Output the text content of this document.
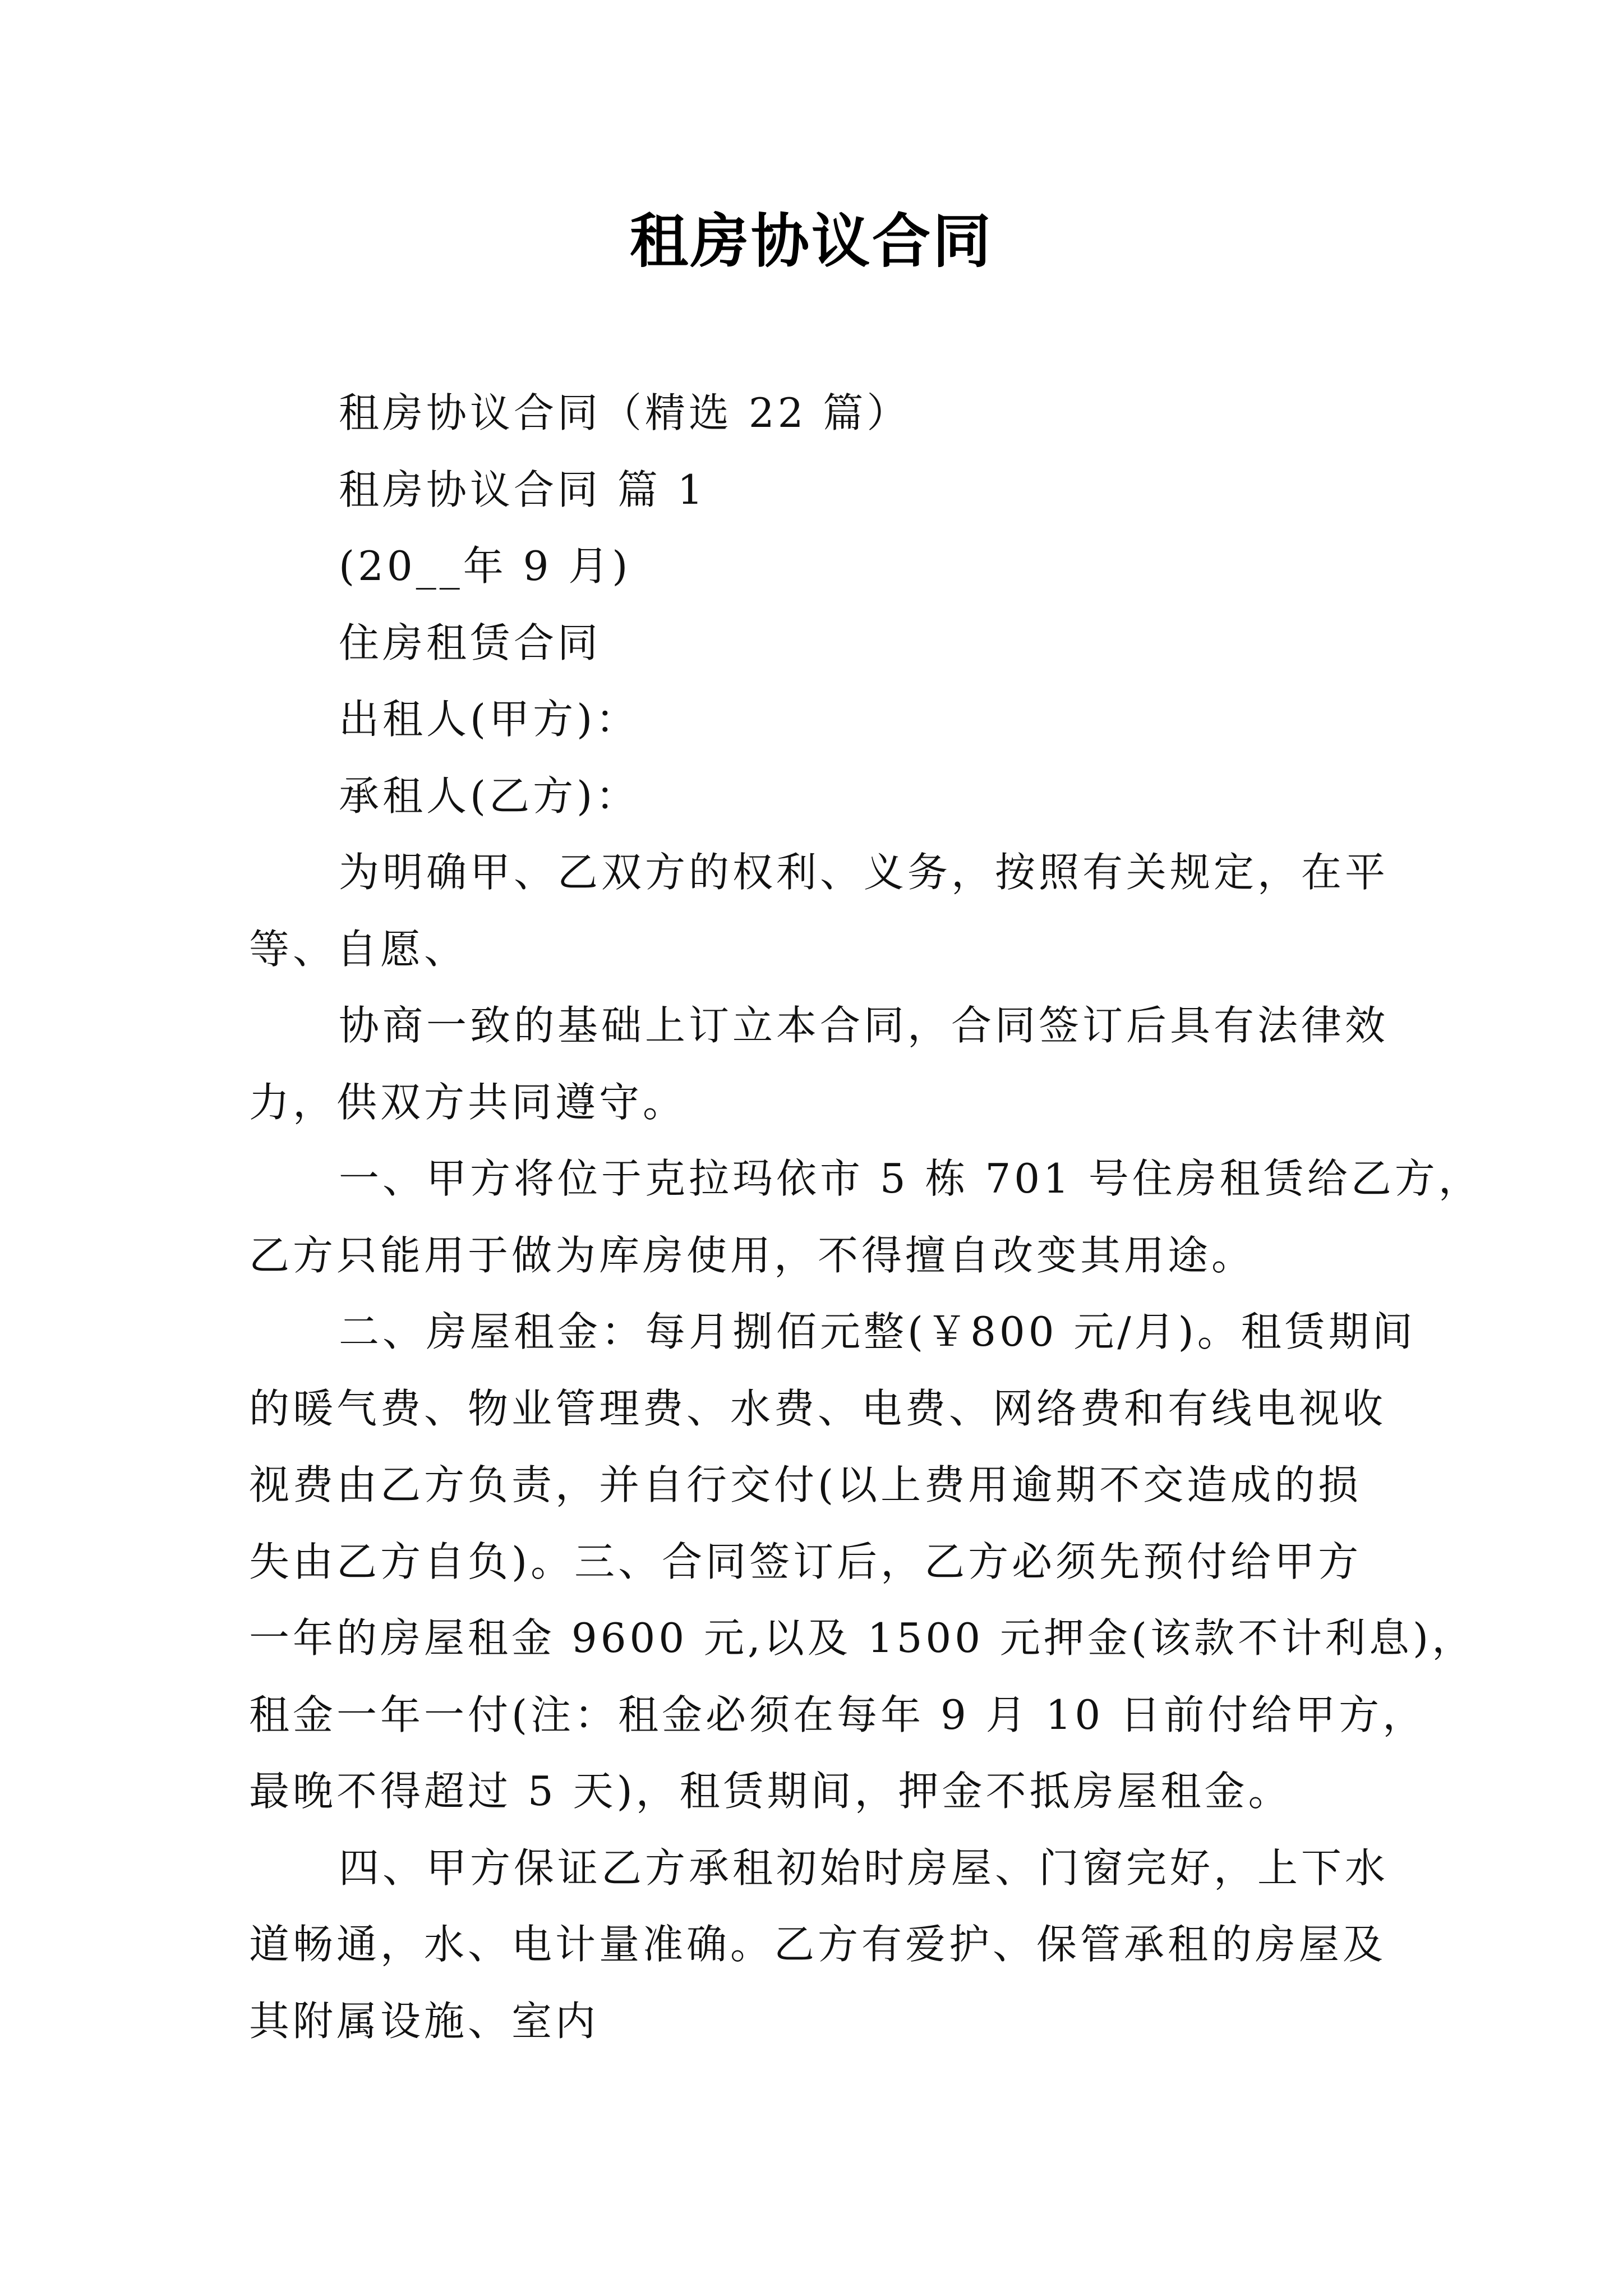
租房协议合同
租房协议合同（精选 22 篇）
租房协议合同 篇 1
(20__年 9 月)
住房租赁合同
出租人(甲方)：
承租人(乙方)：
为明确甲、乙双方的权利、义务，按照有关规定，在平
等、自愿、
协商一致的基础上订立本合同，合同签订后具有法律效
力，供双方共同遵守。
一、甲方将位于克拉玛依市 5 栋 701 号住房租赁给乙方，
乙方只能用于做为库房使用，不得擅自改变其用途。
二、房屋租金：每月捌佰元整(￥800 元/月)。租赁期间
的暖气费、物业管理费、水费、电费、网络费和有线电视收
视费由乙方负责，并自行交付(以上费用逾期不交造成的损
失由乙方自负)。三、合同签订后，乙方必须先预付给甲方
一年的房屋租金 9600 元,以及 1500 元押金(该款不计利息)，
租金一年一付(注：租金必须在每年 9 月 10 日前付给甲方，
最晚不得超过 5 天)，租赁期间，押金不抵房屋租金。
四、甲方保证乙方承租初始时房屋、门窗完好，上下水
道畅通，水、电计量准确。乙方有爱护、保管承租的房屋及
其附属设施、室内
